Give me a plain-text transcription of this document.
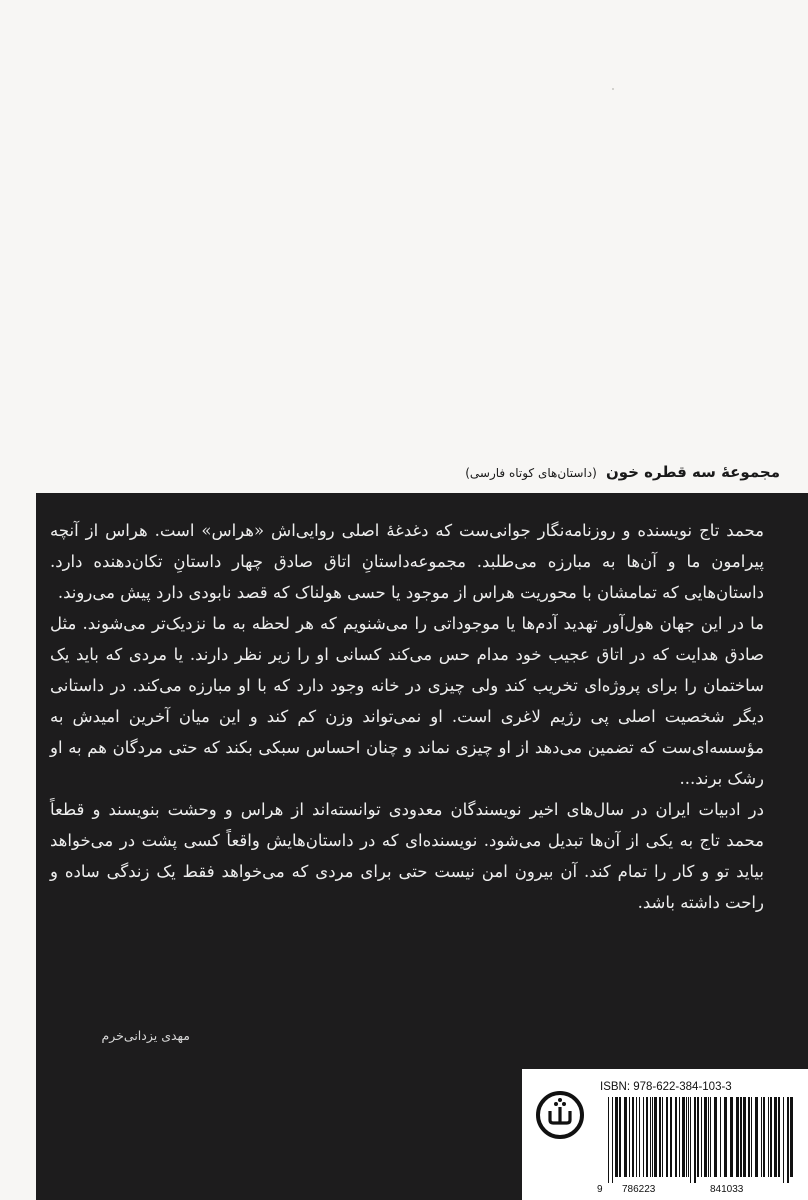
مجموعهٔ سه قطره خون (داستان‌های کوتاه فارسی)

محمد تاج نویسنده و روزنامه‌نگار جوانی‌ست که دغدغهٔ اصلی روایی‌اش «هراس» است. هراس از آنچه پیرامون ما و آن‌ها به مبارزه می‌طلبد. مجموعه‌داستانِ اتاق صادق چهار داستانِ تکان‌دهنده دارد. داستان‌هایی که تمامشان با محوریت هراس از موجود یا حسی هولناک که قصد نابودی دارد پیش می‌روند.

ما در این جهان هول‌آور تهدید آدم‌ها یا موجوداتی را می‌شنویم که هر لحظه به ما نزدیک‌تر می‌شوند. مثل صادق هدایت که در اتاق عجیب خود مدام حس می‌کند کسانی او را زیر نظر دارند. یا مردی که باید یک ساختمان را برای پروژه‌ای تخریب کند ولی چیزی در خانه وجود دارد که با او مبارزه می‌کند. در داستانی دیگر شخصیت اصلی پی رژیم لاغری است. او نمی‌تواند وزن کم کند و این میان آخرین امیدش به مؤسسه‌ای‌ست که تضمین می‌دهد از او چیزی نماند و چنان احساس سبکی بکند که حتی مردگان هم به او رشک برند...

در ادبیات ایران در سال‌های اخیر نویسندگان معدودی توانسته‌اند از هراس و وحشت بنویسند و قطعاً محمد تاج به یکی از آن‌ها تبدیل می‌شود. نویسنده‌ای که در داستان‌هایش واقعاً کسی پشت در می‌خواهد بیاید تو و کار را تمام کند. آن بیرون امن نیست حتی برای مردی که می‌خواهد فقط یک زندگی ساده و راحت داشته باشد.

مهدی یزدانی‌خرم
ISBN: 978-622-384-103-3
9 786223	841033
